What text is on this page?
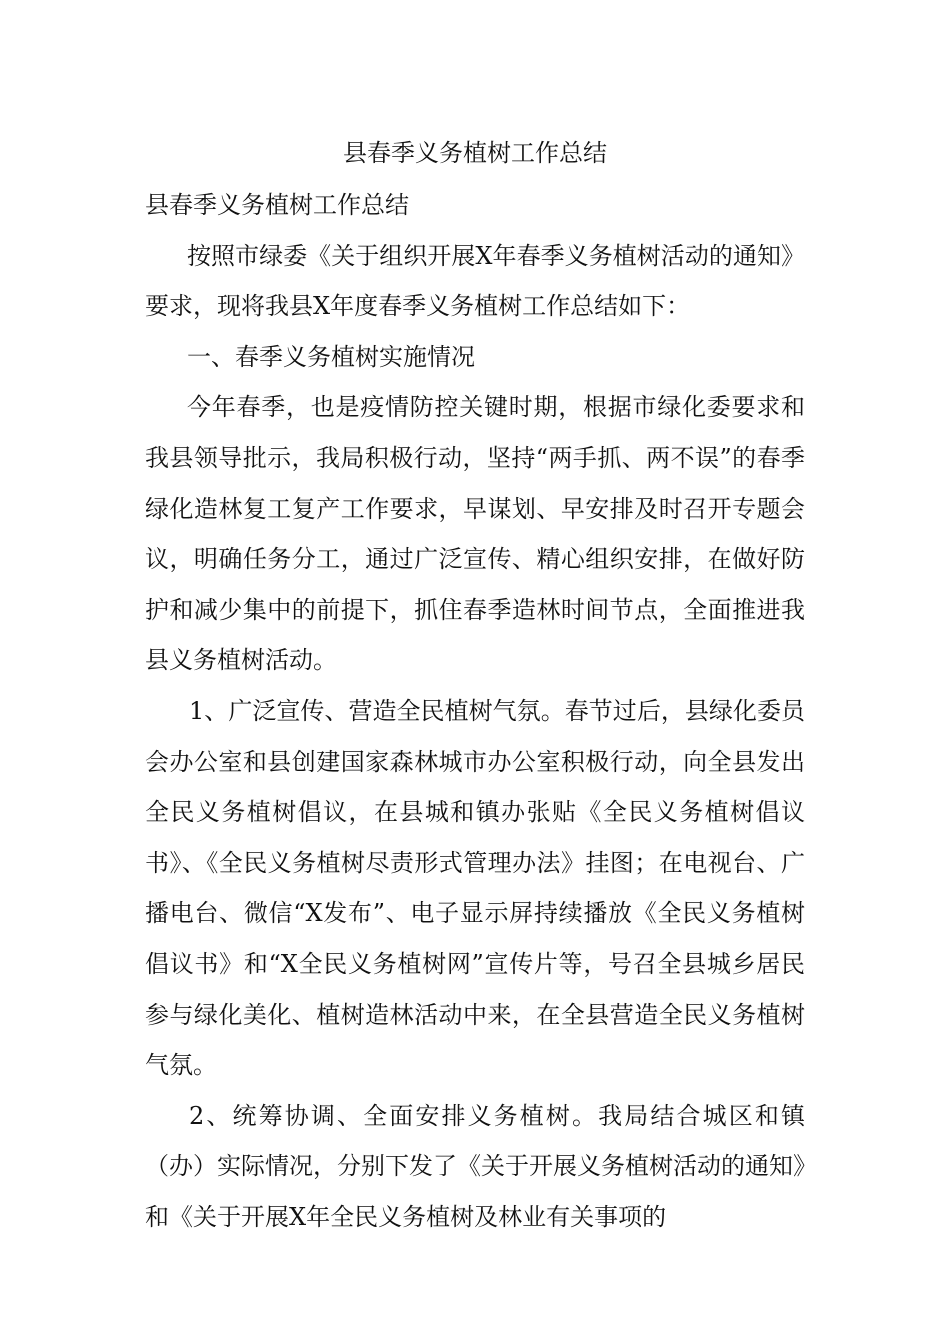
县春季义务植树工作总结

县春季义务植树工作总结

按照市绿委《关于组织开展X年春季义务植树活动的通知》要求，现将我县X年度春季义务植树工作总结如下：

一、春季义务植树实施情况

今年春季，也是疫情防控关键时期，根据市绿化委要求和我县领导批示，我局积极行动，坚持“两手抓、两不误”的春季绿化造林复工复产工作要求，早谋划、早安排及时召开专题会议，明确任务分工，通过广泛宣传、精心组织安排，在做好防护和减少集中的前提下，抓住春季造林时间节点，全面推进我县义务植树活动。

1、广泛宣传、营造全民植树气氛。春节过后，县绿化委员会办公室和县创建国家森林城市办公室积极行动，向全县发出全民义务植树倡议，在县城和镇办张贴《全民义务植树倡议书》、《全民义务植树尽责形式管理办法》挂图；在电视台、广播电台、微信“X发布”、电子显示屏持续播放《全民义务植树倡议书》和“X全民义务植树网”宣传片等，号召全县城乡居民参与绿化美化、植树造林活动中来，在全县营造全民义务植树气氛。

2、统筹协调、全面安排义务植树。我局结合城区和镇（办）实际情况，分别下发了《关于开展义务植树活动的通知》和《关于开展X年全民义务植树及林业有关事项的
